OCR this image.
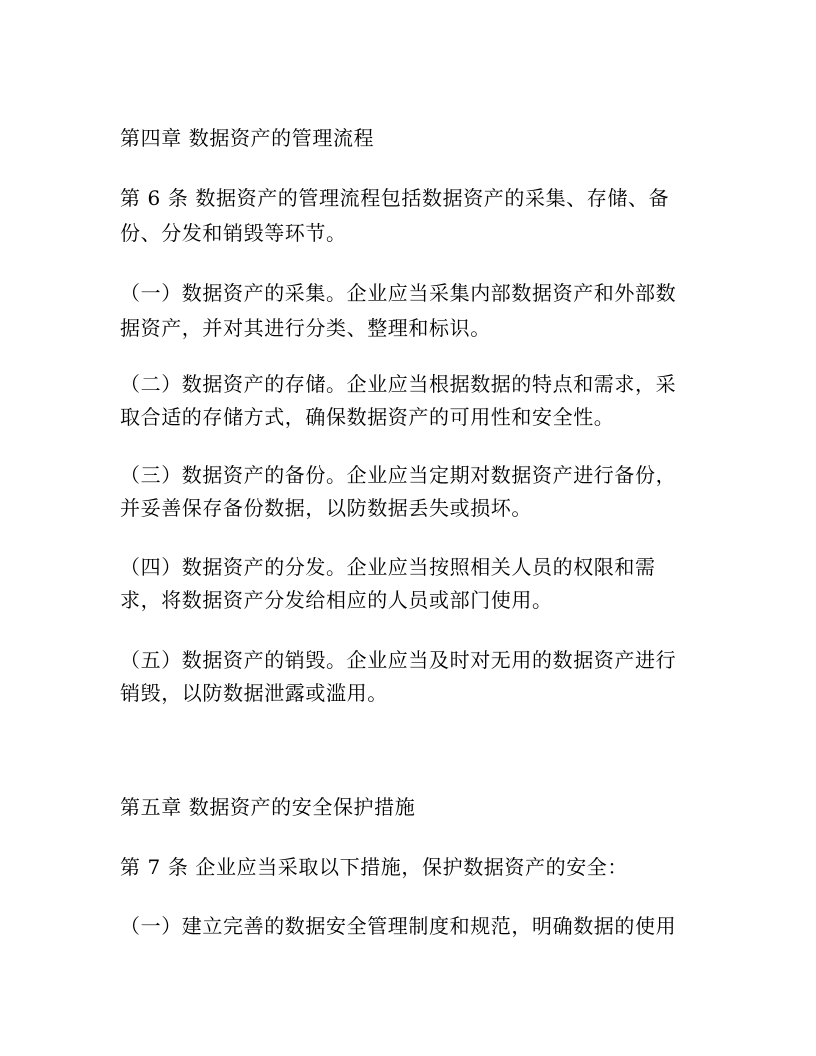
第四章 数据资产的管理流程
第 6 条 数据资产的管理流程包括数据资产的采集、存储、备
份、分发和销毁等环节。
（一）数据资产的采集。企业应当采集内部数据资产和外部数
据资产，并对其进行分类、整理和标识。
（二）数据资产的存储。企业应当根据数据的特点和需求，采
取合适的存储方式，确保数据资产的可用性和安全性。
（三）数据资产的备份。企业应当定期对数据资产进行备份，
并妥善保存备份数据，以防数据丢失或损坏。
（四）数据资产的分发。企业应当按照相关人员的权限和需
求，将数据资产分发给相应的人员或部门使用。
（五）数据资产的销毁。企业应当及时对无用的数据资产进行
销毁，以防数据泄露或滥用。
第五章 数据资产的安全保护措施
第 7 条 企业应当采取以下措施，保护数据资产的安全：
（一）建立完善的数据安全管理制度和规范，明确数据的使用
